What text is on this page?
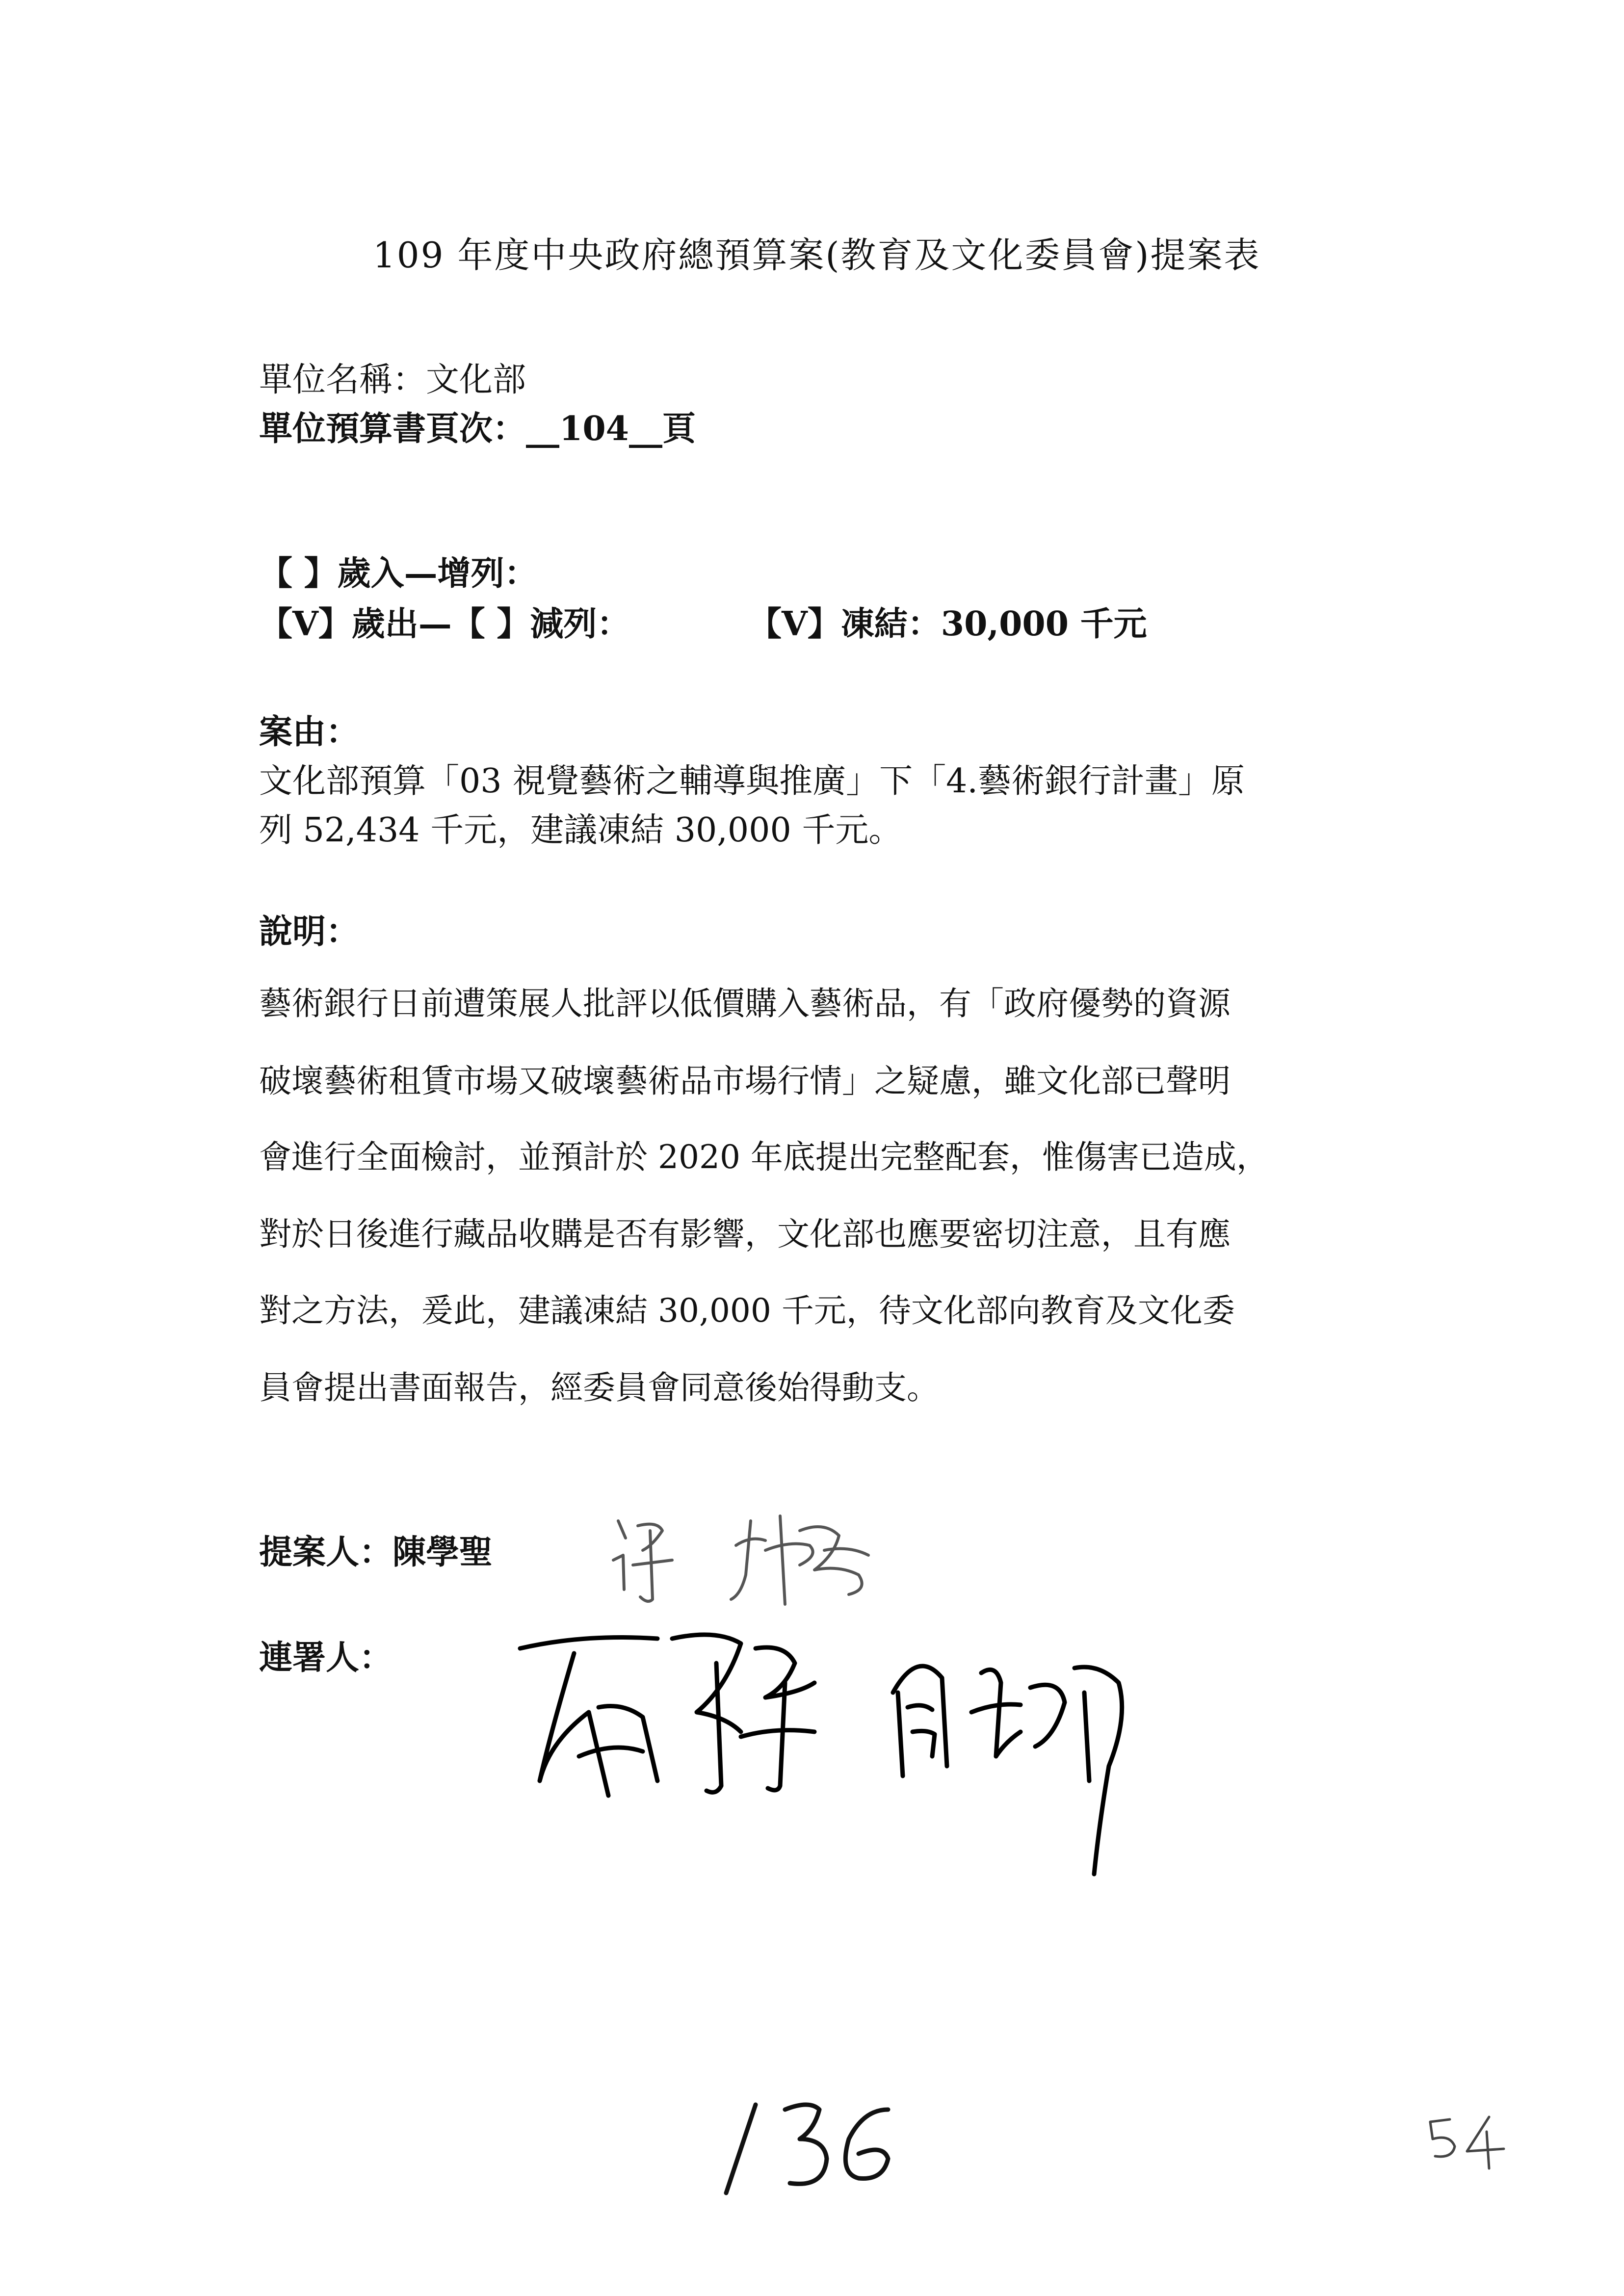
109 年度中央政府總預算案(教育及文化委員會)提案表
單位名稱：文化部
單位預算書頁次：__104__頁
【 】歲入—增列：
【V】歲出—【 】減列：	【V】凍結：30,000 千元
案由：
文化部預算「03 視覺藝術之輔導與推廣」下「4.藝術銀行計畫」原
列 52,434 千元，建議凍結 30,000 千元。
說明：
藝術銀行日前遭策展人批評以低價購入藝術品，有「政府優勢的資源
破壞藝術租賃市場又破壞藝術品市場行情」之疑慮，雖文化部已聲明
會進行全面檢討，並預計於 2020 年底提出完整配套，惟傷害已造成，
對於日後進行藏品收購是否有影響，文化部也應要密切注意，且有應
對之方法，爰此，建議凍結 30,000 千元，待文化部向教育及文化委
員會提出書面報告，經委員會同意後始得動支。
提案人：陳學聖
連署人：
